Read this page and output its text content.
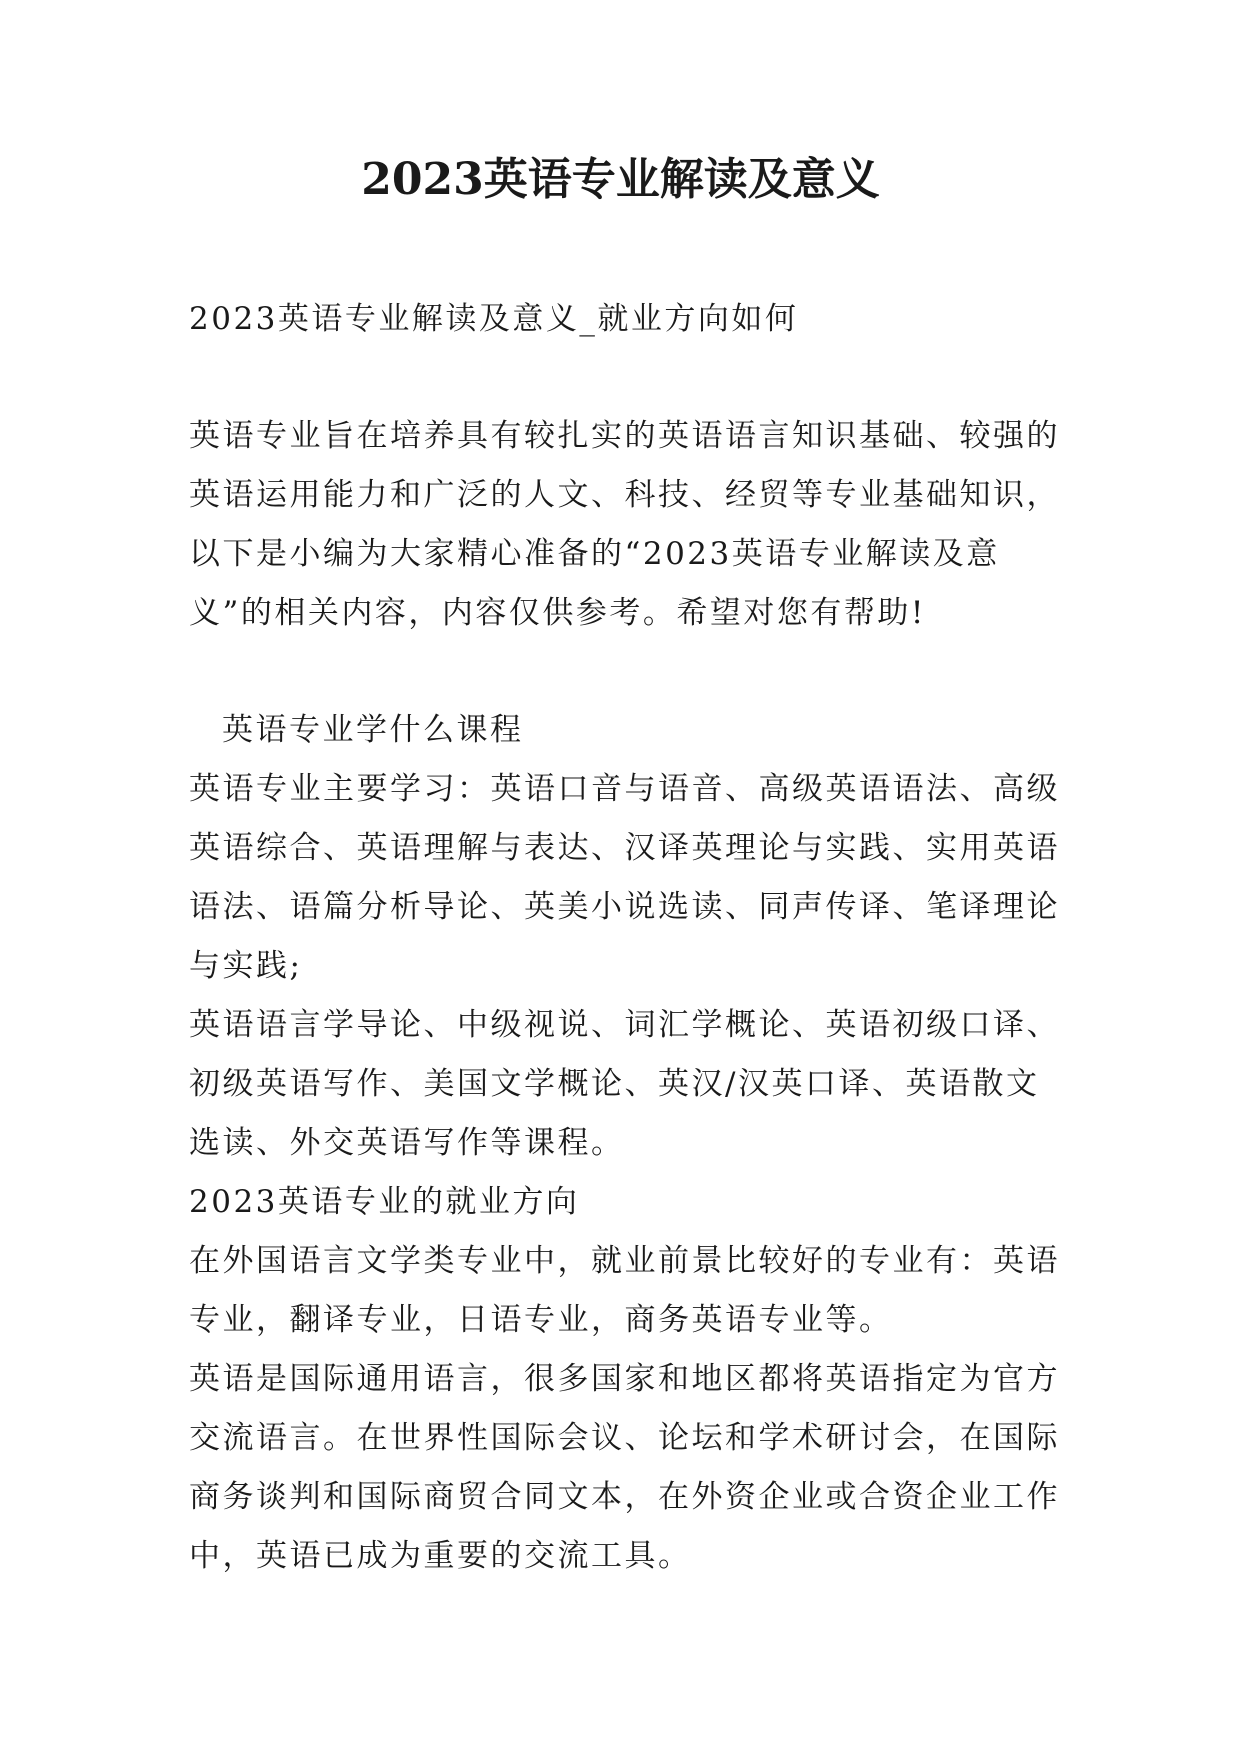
2023英语专业解读及意义

2023英语专业解读及意义_就业方向如何

英语专业旨在培养具有较扎实的英语语言知识基础、较强的英语运用能力和广泛的人文、科技、经贸等专业基础知识，以下是小编为大家精心准备的“2023英语专业解读及意义”的相关内容，内容仅供参考。希望对您有帮助!

英语专业学什么课程

英语专业主要学习：英语口音与语音、高级英语语法、高级英语综合、英语理解与表达、汉译英理论与实践、实用英语语法、语篇分析导论、英美小说选读、同声传译、笔译理论与实践;

英语语言学导论、中级视说、词汇学概论、英语初级口译、初级英语写作、美国文学概论、英汉/汉英口译、英语散文选读、外交英语写作等课程。

2023英语专业的就业方向

在外国语言文学类专业中，就业前景比较好的专业有：英语专业，翻译专业，日语专业，商务英语专业等。

英语是国际通用语言，很多国家和地区都将英语指定为官方交流语言。在世界性国际会议、论坛和学术研讨会，在国际商务谈判和国际商贸合同文本，在外资企业或合资企业工作中，英语已成为重要的交流工具。
